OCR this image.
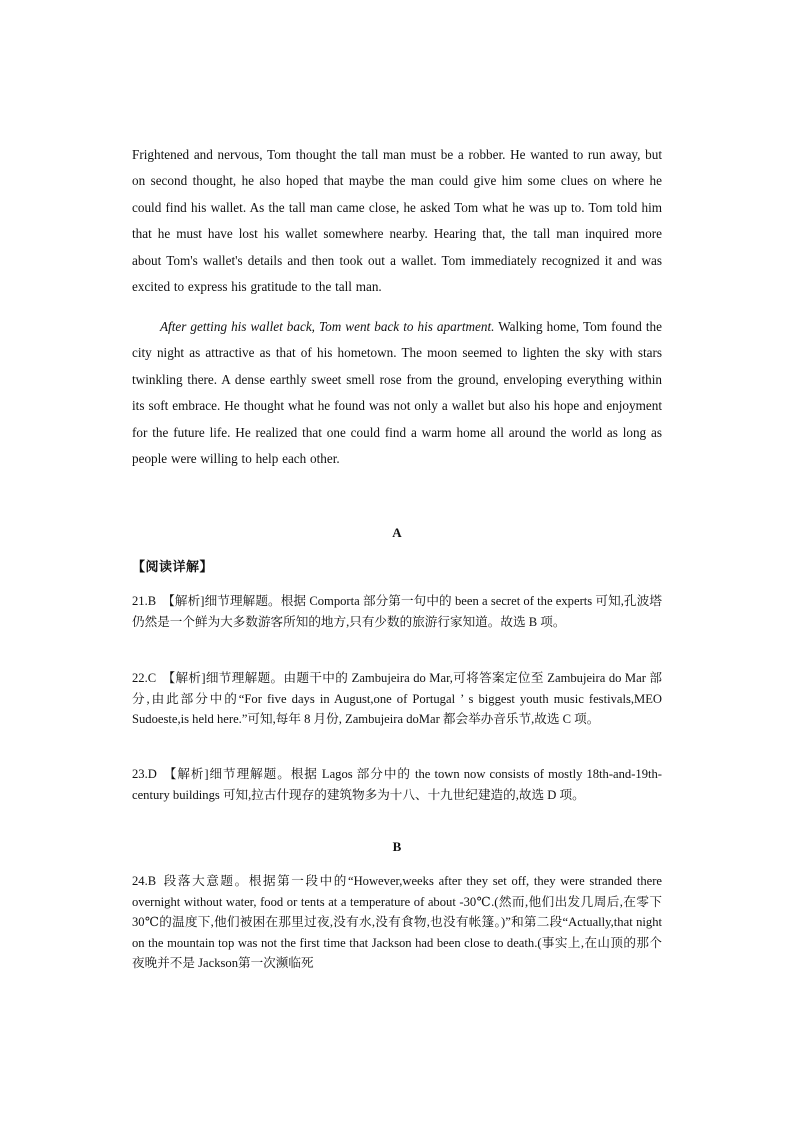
Frightened and nervous, Tom thought the tall man must be a robber. He wanted to run away, but on second thought, he also hoped that maybe the man could give him some clues on where he could find his wallet. As the tall man came close, he asked Tom what he was up to. Tom told him that he must have lost his wallet somewhere nearby. Hearing that, the tall man inquired more about Tom's wallet's details and then took out a wallet. Tom immediately recognized it and was excited to express his gratitude to the tall man.

After getting his wallet back, Tom went back to his apartment. Walking home, Tom found the city night as attractive as that of his hometown. The moon seemed to lighten the sky with stars twinkling there. A dense earthly sweet smell rose from the ground, enveloping everything within its soft embrace. He thought what he found was not only a wallet but also his hope and enjoyment for the future life. He realized that one could find a warm home all around the world as long as people were willing to help each other.

A
【阅读详解】

21.B 【解析]细节理解题。根据 Comporta 部分第一句中的 been a secret of the experts 可知,孔波塔仍然是一个鲜为大多数游客所知的地方,只有少数的旅游行家知道。故选 B 项。

22.C 【解析]细节理解题。由题干中的 Zambujeira do Mar,可将答案定位至 Zambujeira do Mar 部分,由此部分中的“For five days in August,one of Portugal ’ s biggest youth music festivals,MEO Sudoeste,is held here.”可知,每年 8 月份, Zambujeira doMar 都会举办音乐节,故选 C 项。

23.D 【解析]细节理解题。根据 Lagos 部分中的 the town now consists of mostly 18th-and-19th-century buildings 可知,拉古什现存的建筑物多为十八、十九世纪建造的,故选 D 项。

B

24.B 段落大意题。根据第一段中的“However,weeks after they set off, they were stranded there overnight without water, food or tents at a temperature of about -30℃.(然而,他们出发几周后,在零下 30℃的温度下,他们被困在那里过夜,没有水,没有食物,也没有帐篷。)”和第二段“Actually,that night on the mountain top was not the first time that Jackson had been close to death.(事实上,在山顶的那个夜晚并不是 Jackson第一次濒临死
